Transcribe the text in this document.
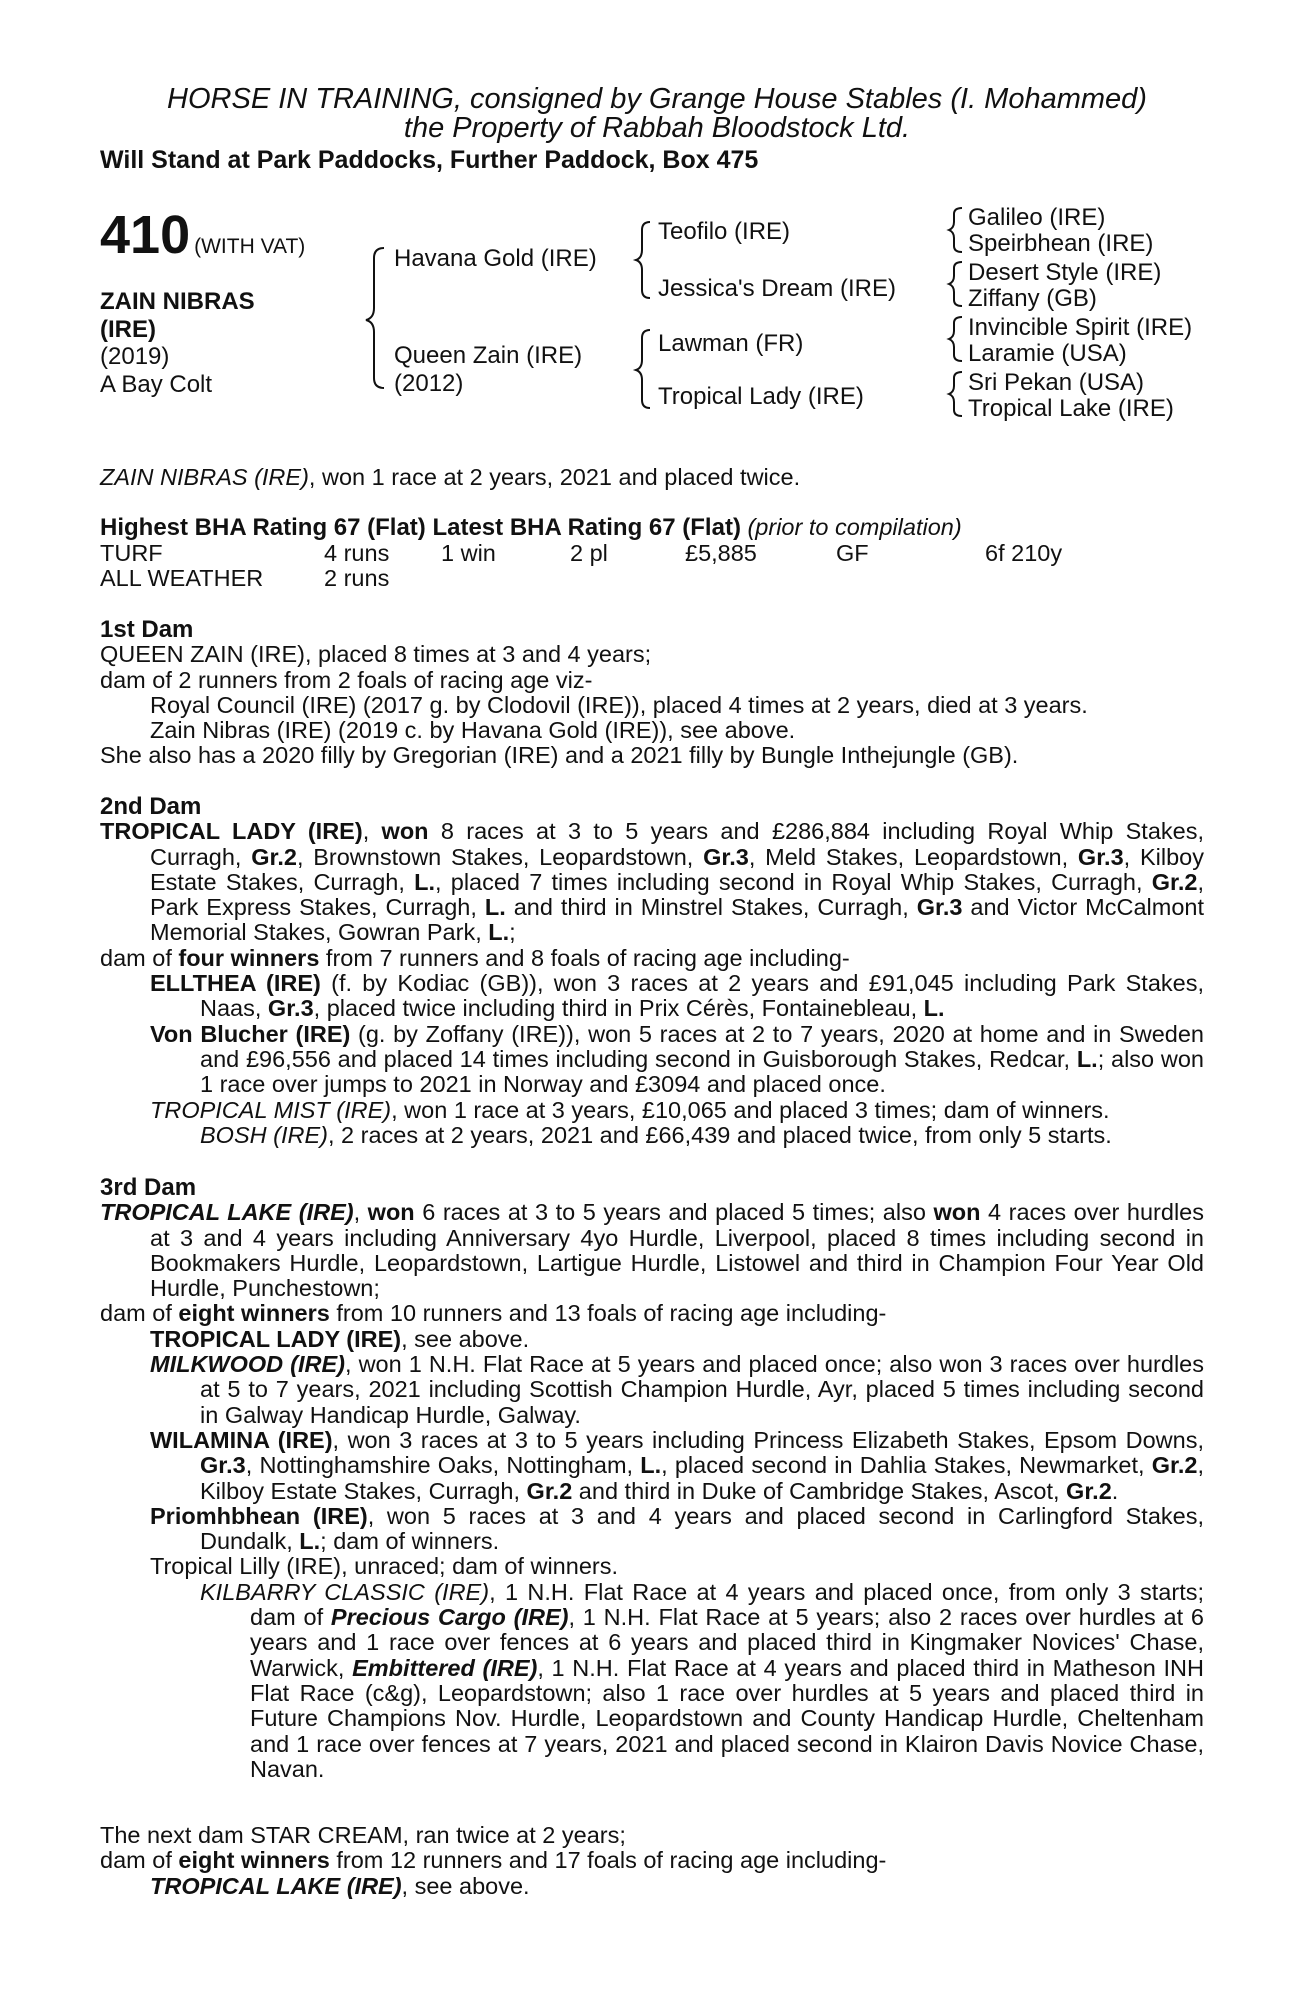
HORSE IN TRAINING, consigned by Grange House Stables (I. Mohammed)
the Property of Rabbah Bloodstock Ltd.
Will Stand at Park Paddocks, Further Paddock, Box 475
410 (WITH VAT)
ZAIN NIBRAS
(IRE)
(2019)
A Bay Colt
Havana Gold (IRE)
Queen Zain (IRE)
(2012)
Teofilo (IRE)
Jessica's Dream (IRE)
Lawman (FR)
Tropical Lady (IRE)
Galileo (IRE)
Speirbhean (IRE)
Desert Style (IRE)
Ziffany (GB)
Invincible Spirit (IRE)
Laramie (USA)
Sri Pekan (USA)
Tropical Lake (IRE)
ZAIN NIBRAS (IRE), won 1 race at 2 years, 2021 and placed twice.
Highest BHA Rating 67 (Flat) Latest BHA Rating 67 (Flat) (prior to compilation)
TURF	4 runs 1 win	2 pl	£5,885	GF	6f 210y
ALL WEATHER	2 runs

1st Dam

QUEEN ZAIN (IRE), placed 8 times at 3 and 4 years;

dam of 2 runners from 2 foals of racing age viz-

Royal Council (IRE) (2017 g. by Clodovil (IRE)), placed 4 times at 2 years, died at 3 years.

Zain Nibras (IRE) (2019 c. by Havana Gold (IRE)), see above.

She also has a 2020 filly by Gregorian (IRE) and a 2021 filly by Bungle Inthejungle (GB).

2nd Dam

TROPICAL LADY (IRE), won 8 races at 3 to 5 years and £286,884 including Royal Whip Stakes, Curragh, Gr.2, Brownstown Stakes, Leopardstown, Gr.3, Meld Stakes, Leopardstown, Gr.3, Kilboy Estate Stakes, Curragh, L., placed 7 times including second in Royal Whip Stakes, Curragh, Gr.2, Park Express Stakes, Curragh, L. and third in Minstrel Stakes, Curragh, Gr.3 and Victor McCalmont Memorial Stakes, Gowran Park, L.;

dam of four winners from 7 runners and 8 foals of racing age including-

ELLTHEA (IRE) (f. by Kodiac (GB)), won 3 races at 2 years and £91,045 including Park Stakes, Naas, Gr.3, placed twice including third in Prix Cérès, Fontainebleau, L.

Von Blucher (IRE) (g. by Zoffany (IRE)), won 5 races at 2 to 7 years, 2020 at home and in Sweden and £96,556 and placed 14 times including second in Guisborough Stakes, Redcar, L.; also won 1 race over jumps to 2021 in Norway and £3094 and placed once.

TROPICAL MIST (IRE), won 1 race at 3 years, £10,065 and placed 3 times; dam of winners.

BOSH (IRE), 2 races at 2 years, 2021 and £66,439 and placed twice, from only 5 starts.

3rd Dam

TROPICAL LAKE (IRE), won 6 races at 3 to 5 years and placed 5 times; also won 4 races over hurdles at 3 and 4 years including Anniversary 4yo Hurdle, Liverpool, placed 8 times including second in Bookmakers Hurdle, Leopardstown, Lartigue Hurdle, Listowel and third in Champion Four Year Old Hurdle, Punchestown;

dam of eight winners from 10 runners and 13 foals of racing age including-

TROPICAL LADY (IRE), see above.

MILKWOOD (IRE), won 1 N.H. Flat Race at 5 years and placed once; also won 3 races over hurdles at 5 to 7 years, 2021 including Scottish Champion Hurdle, Ayr, placed 5 times including second in Galway Handicap Hurdle, Galway.

WILAMINA (IRE), won 3 races at 3 to 5 years including Princess Elizabeth Stakes, Epsom Downs, Gr.3, Nottinghamshire Oaks, Nottingham, L., placed second in Dahlia Stakes, Newmarket, Gr.2, Kilboy Estate Stakes, Curragh, Gr.2 and third in Duke of Cambridge Stakes, Ascot, Gr.2.

Priomhbhean (IRE), won 5 races at 3 and 4 years and placed second in Carlingford Stakes, Dundalk, L.; dam of winners.

Tropical Lilly (IRE), unraced; dam of winners.

KILBARRY CLASSIC (IRE), 1 N.H. Flat Race at 4 years and placed once, from only 3 starts; dam of Precious Cargo (IRE), 1 N.H. Flat Race at 5 years; also 2 races over hurdles at 6 years and 1 race over fences at 6 years and placed third in Kingmaker Novices' Chase, Warwick, Embittered (IRE), 1 N.H. Flat Race at 4 years and placed third in Matheson INH Flat Race (c&g), Leopardstown; also 1 race over hurdles at 5 years and placed third in Future Champions Nov. Hurdle, Leopardstown and County Handicap Hurdle, Cheltenham and 1 race over fences at 7 years, 2021 and placed second in Klairon Davis Novice Chase, Navan.

The next dam STAR CREAM, ran twice at 2 years;

dam of eight winners from 12 runners and 17 foals of racing age including-

TROPICAL LAKE (IRE), see above.
